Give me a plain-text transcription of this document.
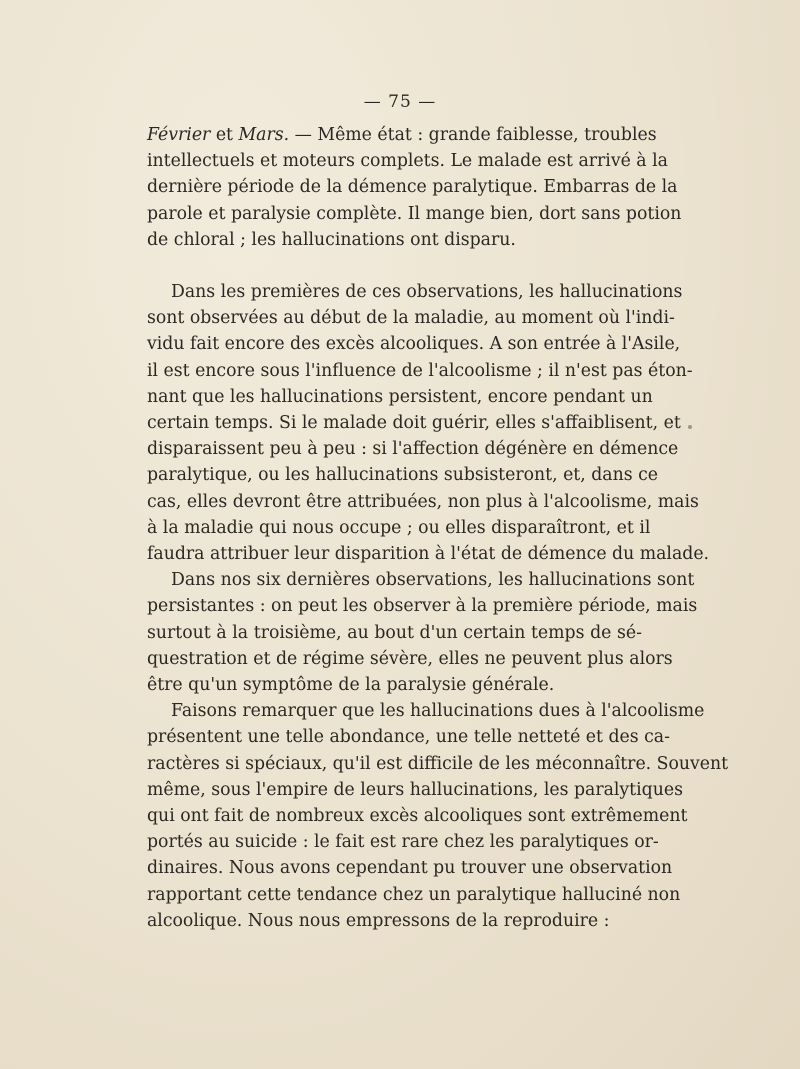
— 75 —
Février et Mars. — Même état : grande faiblesse, troubles
intellectuels et moteurs complets. Le malade est arrivé à la
dernière période de la démence paralytique. Embarras de la
parole et paralysie complète. Il mange bien, dort sans potion
de chloral ; les hallucinations ont disparu.
Dans les premières de ces observations, les hallucinations
sont observées au début de la maladie, au moment où l'indi-
vidu fait encore des excès alcooliques. A son entrée à l'Asile,
il est encore sous l'influence de l'alcoolisme ; il n'est pas éton-
nant que les hallucinations persistent, encore pendant un
certain temps. Si le malade doit guérir, elles s'affaiblisent, et
disparaissent peu à peu : si l'affection dégénère en démence
paralytique, ou les hallucinations subsisteront, et, dans ce
cas, elles devront être attribuées, non plus à l'alcoolisme, mais
à la maladie qui nous occupe ; ou elles disparaîtront, et il
faudra attribuer leur disparition à l'état de démence du malade.
Dans nos six dernières observations, les hallucinations sont
persistantes : on peut les observer à la première période, mais
surtout à la troisième, au bout d'un certain temps de sé-
questration et de régime sévère, elles ne peuvent plus alors
être qu'un symptôme de la paralysie générale.
Faisons remarquer que les hallucinations dues à l'alcoolisme
présentent une telle abondance, une telle netteté et des ca-
ractères si spéciaux, qu'il est difficile de les méconnaître. Souvent
même, sous l'empire de leurs hallucinations, les paralytiques
qui ont fait de nombreux excès alcooliques sont extrêmement
portés au suicide : le fait est rare chez les paralytiques or-
dinaires. Nous avons cependant pu trouver une observation
rapportant cette tendance chez un paralytique halluciné non
alcoolique. Nous nous empressons de la reproduire :
